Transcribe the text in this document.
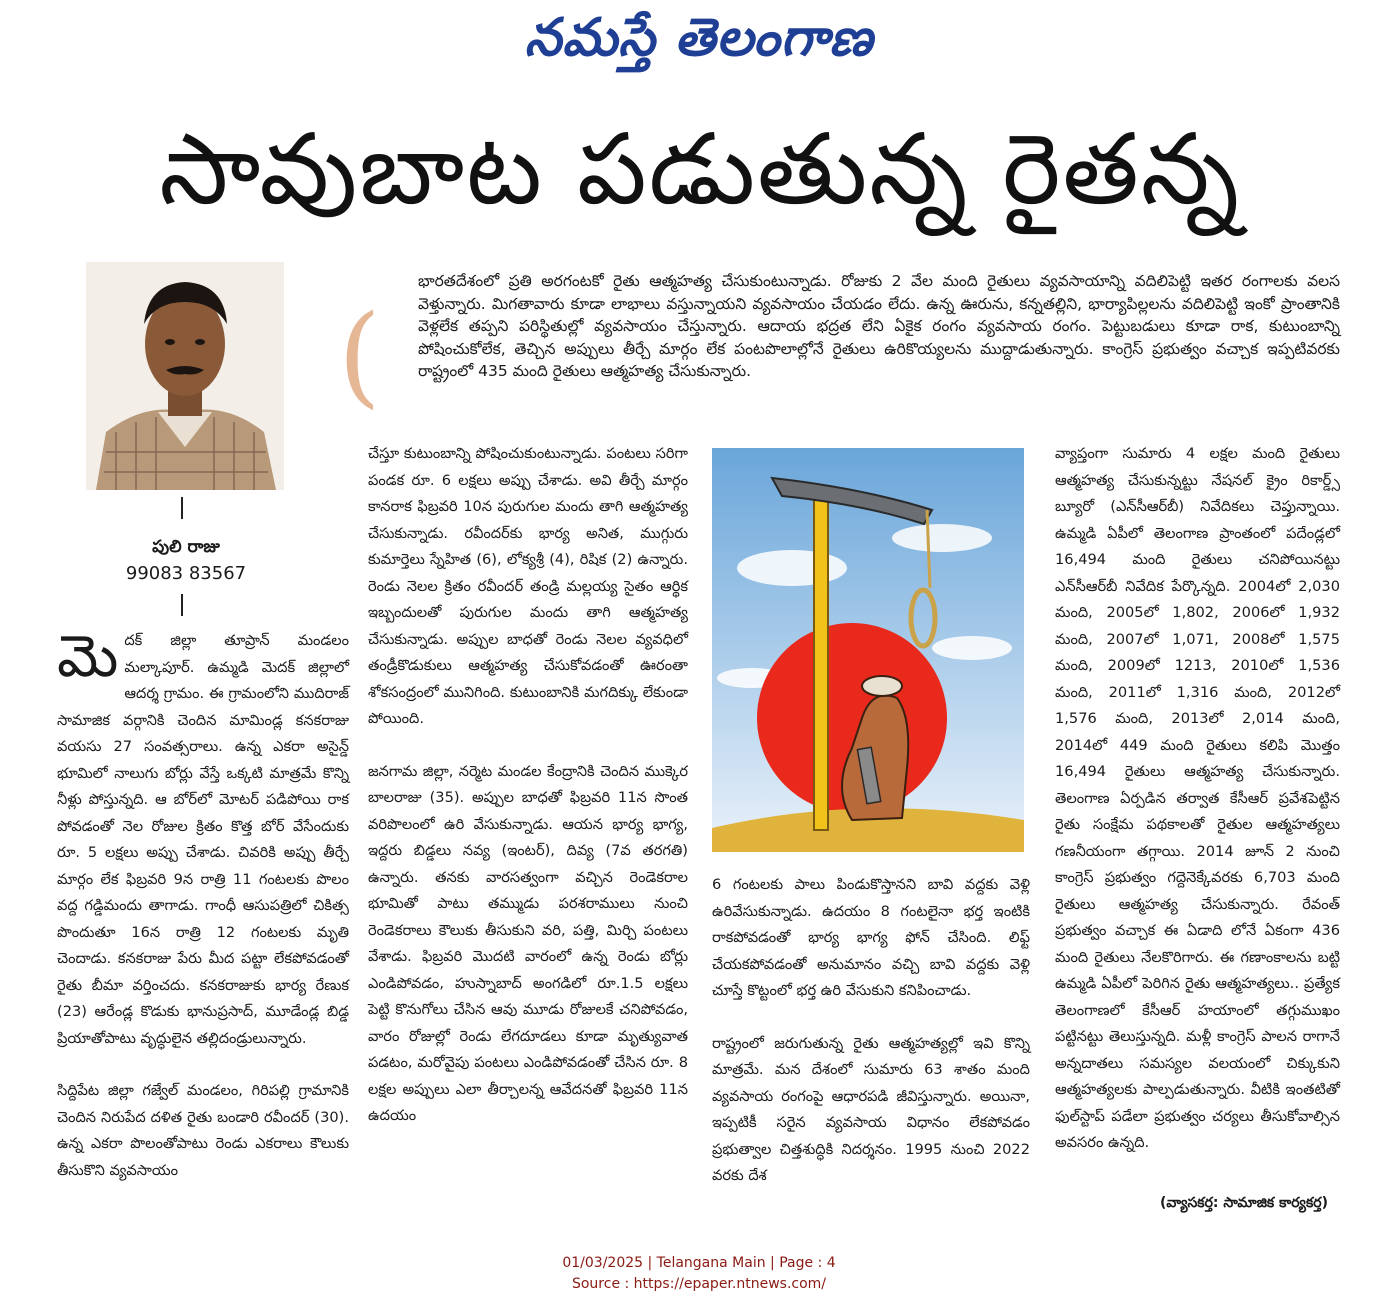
నమస్తే తెలంగాణ
సావుబాట పడుతున్న రైతన్న
(

భారతదేశంలో ప్రతి అరగంటకో రైతు ఆత్మహత్య చేసుకుంటున్నాడు. రోజుకు 2 వేల మంది రైతులు వ్యవసాయాన్ని వదిలిపెట్టి ఇతర రంగాలకు వలస వెళ్తున్నారు. మిగతావారు కూడా లాభాలు వస్తున్నాయని వ్యవసాయం చేయడం లేదు. ఉన్న ఊరును, కన్నతల్లిని, భార్యాపిల్లలను వదిలిపెట్టి ఇంకో ప్రాంతానికి వెళ్లలేక తప్పని పరిస్థితుల్లో వ్యవసాయం చేస్తున్నారు. ఆదాయ భద్రత లేని ఏకైక రంగం వ్యవసాయ రంగం. పెట్టుబడులు కూడా రాక, కుటుంబాన్ని పోషించుకోలేక, తెచ్చిన అప్పులు తీర్చే మార్గం లేక పంటపొలాల్లోనే రైతులు ఉరికొయ్యలను ముద్దాడుతున్నారు. కాంగ్రెస్ ప్రభుత్వం వచ్చాక ఇప్పటివరకు రాష్ట్రంలో 435 మంది రైతులు ఆత్మహత్య చేసుకున్నారు.

పులి రాజు
99083 83567

మెదక్ జిల్లా తూప్రాన్ మండలం మల్కాపూర్. ఉమ్మడి మెదక్ జిల్లాలో ఆదర్శ గ్రామం. ఈ గ్రామంలోని ముదిరాజ్ సామాజిక వర్గానికి చెందిన మామిండ్ల కనకరాజు వయసు 27 సంవత్సరాలు. ఉన్న ఎకరా అసైన్డ్ భూమిలో నాలుగు బోర్లు వేస్తే ఒక్కటి మాత్రమే కొన్ని నీళ్లు పోస్తున్నది. ఆ బోర్‌లో మోటర్ పడిపోయి రాక పోవడంతో నెల రోజుల క్రితం కొత్త బోర్ వేసేందుకు రూ. 5 లక్షలు అప్పు చేశాడు. చివరికి అప్పు తీర్చే మార్గం లేక ఫిబ్రవరి 9న రాత్రి 11 గంటలకు పొలం వద్ద గడ్డిమందు తాగాడు. గాంధీ ఆసుపత్రిలో చికిత్స పొందుతూ 16న రాత్రి 12 గంటలకు మృతి చెందాడు. కనకరాజు పేరు మీద పట్టా లేకపోవడంతో రైతు బీమా వర్తించదు. కనకరాజుకు భార్య రేణుక (23) ఆరేండ్ల కొడుకు భానుప్రసాద్, మూడేండ్ల బిడ్డ ప్రియాతోపాటు వృద్ధులైన తల్లిదండ్రులున్నారు.

సిద్దిపేట జిల్లా గజ్వేల్ మండలం, గిరిపల్లి గ్రామానికి చెందిన నిరుపేద దళిత రైతు బండారి రవీందర్ (30). ఉన్న ఎకరా పొలంతోపాటు రెండు ఎకరాలు కౌలుకు తీసుకొని వ్యవసాయం

చేస్తూ కుటుంబాన్ని పోషించుకుంటున్నాడు. పంటలు సరిగా పండక రూ. 6 లక్షలు అప్పు చేశాడు. అవి తీర్చే మార్గం కానరాక ఫిబ్రవరి 10న పురుగుల మందు తాగి ఆత్మహత్య చేసుకున్నాడు. రవీందర్‌కు భార్య అనిత, ముగ్గురు కుమార్తెలు స్నేహిత (6), లోక్యశ్రీ (4), రిషిక (2) ఉన్నారు. రెండు నెలల క్రితం రవీందర్ తండ్రి మల్లయ్య సైతం ఆర్థిక ఇబ్బందులతో పురుగుల మందు తాగి ఆత్మహత్య చేసుకున్నాడు. అప్పుల బాధతో రెండు నెలల వ్యవధిలో తండ్రీకొడుకులు ఆత్మహత్య చేసుకోవడంతో ఊరంతా శోకసంద్రంలో మునిగింది. కుటుంబానికి మగదిక్కు లేకుండా పోయింది.

జనగామ జిల్లా, నర్మెట మండల కేంద్రానికి చెందిన ముక్కెర బాలరాజు (35). అప్పుల బాధతో ఫిబ్రవరి 11న సొంత వరిపొలంలో ఉరి వేసుకున్నాడు. ఆయన భార్య భాగ్య, ఇద్దరు బిడ్డలు నవ్య (ఇంటర్), దివ్య (7వ తరగతి) ఉన్నారు. తనకు వారసత్వంగా వచ్చిన రెండెకరాల భూమితో పాటు తమ్ముడు పరశరాములు నుంచి రెండెకరాలు కౌలుకు తీసుకుని వరి, పత్తి, మిర్చి పంటలు వేశాడు. ఫిబ్రవరి మొదటి వారంలో ఉన్న రెండు బోర్లు ఎండిపోవడం, హుస్నాబాద్ అంగడిలో రూ.1.5 లక్షలు పెట్టి కొనుగోలు చేసిన ఆవు మూడు రోజులకే చనిపోవడం, వారం రోజుల్లో రెండు లేగదూడలు కూడా మృత్యువాత పడటం, మరోవైపు పంటలు ఎండిపోవడంతో చేసిన రూ. 8 లక్షల అప్పులు ఎలా తీర్చాలన్న ఆవేదనతో ఫిబ్రవరి 11న ఉదయం

6 గంటలకు పాలు పిండుకొస్తానని బావి వద్దకు వెళ్లి ఉరివేసుకున్నాడు. ఉదయం 8 గంటలైనా భర్త ఇంటికి రాకపోవడంతో భార్య భాగ్య ఫోన్ చేసింది. లిఫ్ట్ చేయకపోవడంతో అనుమానం వచ్చి బావి వద్దకు వెళ్లి చూస్తే కొట్టంలో భర్త ఉరి వేసుకుని కనిపించాడు.

రాష్ట్రంలో జరుగుతున్న రైతు ఆత్మహత్యల్లో ఇవి కొన్ని మాత్రమే. మన దేశంలో సుమారు 63 శాతం మంది వ్యవసాయ రంగంపై ఆధారపడి జీవిస్తున్నారు. అయినా, ఇప్పటికీ సరైన వ్యవసాయ విధానం లేకపోవడం ప్రభుత్వాల చిత్తశుద్ధికి నిదర్శనం. 1995 నుంచి 2022 వరకు దేశ

వ్యాప్తంగా సుమారు 4 లక్షల మంది రైతులు ఆత్మహత్య చేసుకున్నట్టు నేషనల్ క్రైం రికార్డ్స్ బ్యూరో (ఎన్‌సీఆర్‌బీ) నివేదికలు చెప్తున్నాయి. ఉమ్మడి ఏపీలో తెలంగాణ ప్రాంతంలో పదేండ్లలో 16,494 మంది రైతులు చనిపోయినట్టు ఎన్‌సీఆర్‌బీ నివేదిక పేర్కొన్నది. 2004లో 2,030 మంది, 2005లో 1,802, 2006లో 1,932 మంది, 2007లో 1,071, 2008లో 1,575 మంది, 2009లో 1213, 2010లో 1,536 మంది, 2011లో 1,316 మంది, 2012లో 1,576 మంది, 2013లో 2,014 మంది, 2014లో 449 మంది రైతులు కలిపి మొత్తం 16,494 రైతులు ఆత్మహత్య చేసుకున్నారు. తెలంగాణ ఏర్పడిన తర్వాత కేసీఆర్ ప్రవేశపెట్టిన రైతు సంక్షేమ పథకాలతో రైతుల ఆత్మహత్యలు గణనీయంగా తగ్గాయి. 2014 జూన్ 2 నుంచి కాంగ్రెస్ ప్రభుత్వం గద్దెనెక్కేవరకు 6,703 మంది రైతులు ఆత్మహత్య చేసుకున్నారు. రేవంత్ ప్రభుత్వం వచ్చాక ఈ ఏడాది లోనే ఏకంగా 436 మంది రైతులు నేలకొరిగారు. ఈ గణాంకాలను బట్టి ఉమ్మడి ఏపీలో పెరిగిన రైతు ఆత్మహత్యలు.. ప్రత్యేక తెలంగాణలో కేసీఆర్ హయాంలో తగ్గుముఖం పట్టినట్టు తెలుస్తున్నది. మళ్లీ కాంగ్రెస్ పాలన రాగానే అన్నదాతలు సమస్యల వలయంలో చిక్కుకుని ఆత్మహత్యలకు పాల్పడుతున్నారు. వీటికి ఇంతటితో ఫుల్‌స్టాప్ పడేలా ప్రభుత్వం చర్యలు తీసుకోవాల్సిన అవసరం ఉన్నది.

(వ్యాసకర్త: సామాజిక కార్యకర్త)
01/03/2025 | Telangana Main | Page : 4
Source : https://epaper.ntnews.com/
